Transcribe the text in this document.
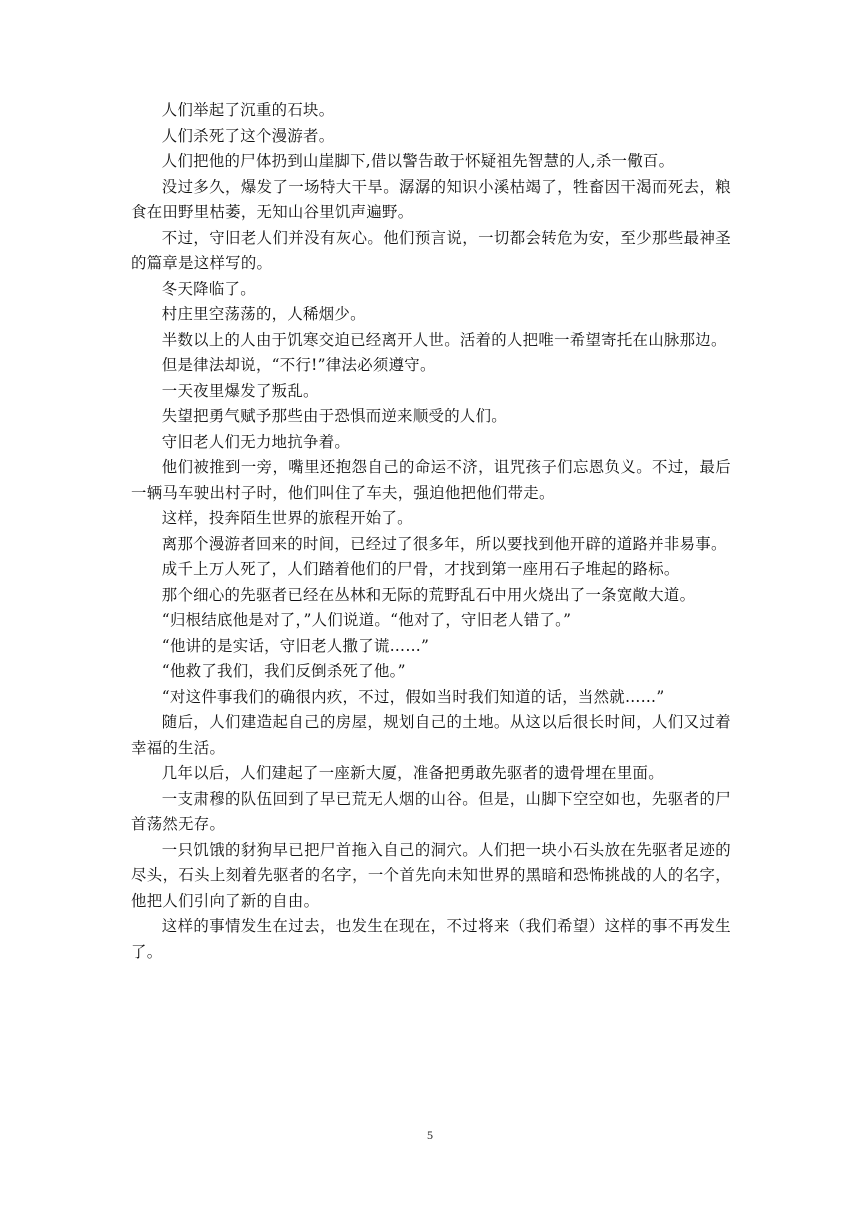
人们举起了沉重的石块。

人们杀死了这个漫游者。

人们把他的尸体扔到山崖脚下,借以警告敢于怀疑祖先智慧的人,杀一儆百。

没过多久，爆发了一场特大干旱。潺潺的知识小溪枯竭了，牲畜因干渴而死去，粮食在田野里枯萎，无知山谷里饥声遍野。

不过，守旧老人们并没有灰心。他们预言说，一切都会转危为安，至少那些最神圣的篇章是这样写的。

冬天降临了。

村庄里空荡荡的，人稀烟少。

半数以上的人由于饥寒交迫已经离开人世。活着的人把唯一希望寄托在山脉那边。

但是律法却说，“不行!”律法必须遵守。

一天夜里爆发了叛乱。

失望把勇气赋予那些由于恐惧而逆来顺受的人们。

守旧老人们无力地抗争着。

他们被推到一旁，嘴里还抱怨自己的命运不济，诅咒孩子们忘恩负义。不过，最后一辆马车驶出村子时，他们叫住了车夫，强迫他把他们带走。

这样，投奔陌生世界的旅程开始了。

离那个漫游者回来的时间，已经过了很多年，所以要找到他开辟的道路并非易事。

成千上万人死了，人们踏着他们的尸骨，才找到第一座用石子堆起的路标。

那个细心的先驱者已经在丛林和无际的荒野乱石中用火烧出了一条宽敞大道。

“归根结底他是对了，”人们说道。“他对了，守旧老人错了。”

“他讲的是实话，守旧老人撒了谎……”

“他救了我们，我们反倒杀死了他。”

“对这件事我们的确很内疚，不过，假如当时我们知道的话，当然就……”

随后，人们建造起自己的房屋，规划自己的土地。从这以后很长时间，人们又过着幸福的生活。

几年以后，人们建起了一座新大厦，准备把勇敢先驱者的遗骨埋在里面。

一支肃穆的队伍回到了早已荒无人烟的山谷。但是，山脚下空空如也，先驱者的尸首荡然无存。

一只饥饿的豺狗早已把尸首拖入自己的洞穴。人们把一块小石头放在先驱者足迹的尽头，石头上刻着先驱者的名字，一个首先向未知世界的黑暗和恐怖挑战的人的名字，他把人们引向了新的自由。

这样的事情发生在过去，也发生在现在，不过将来（我们希望）这样的事不再发生了。

5
